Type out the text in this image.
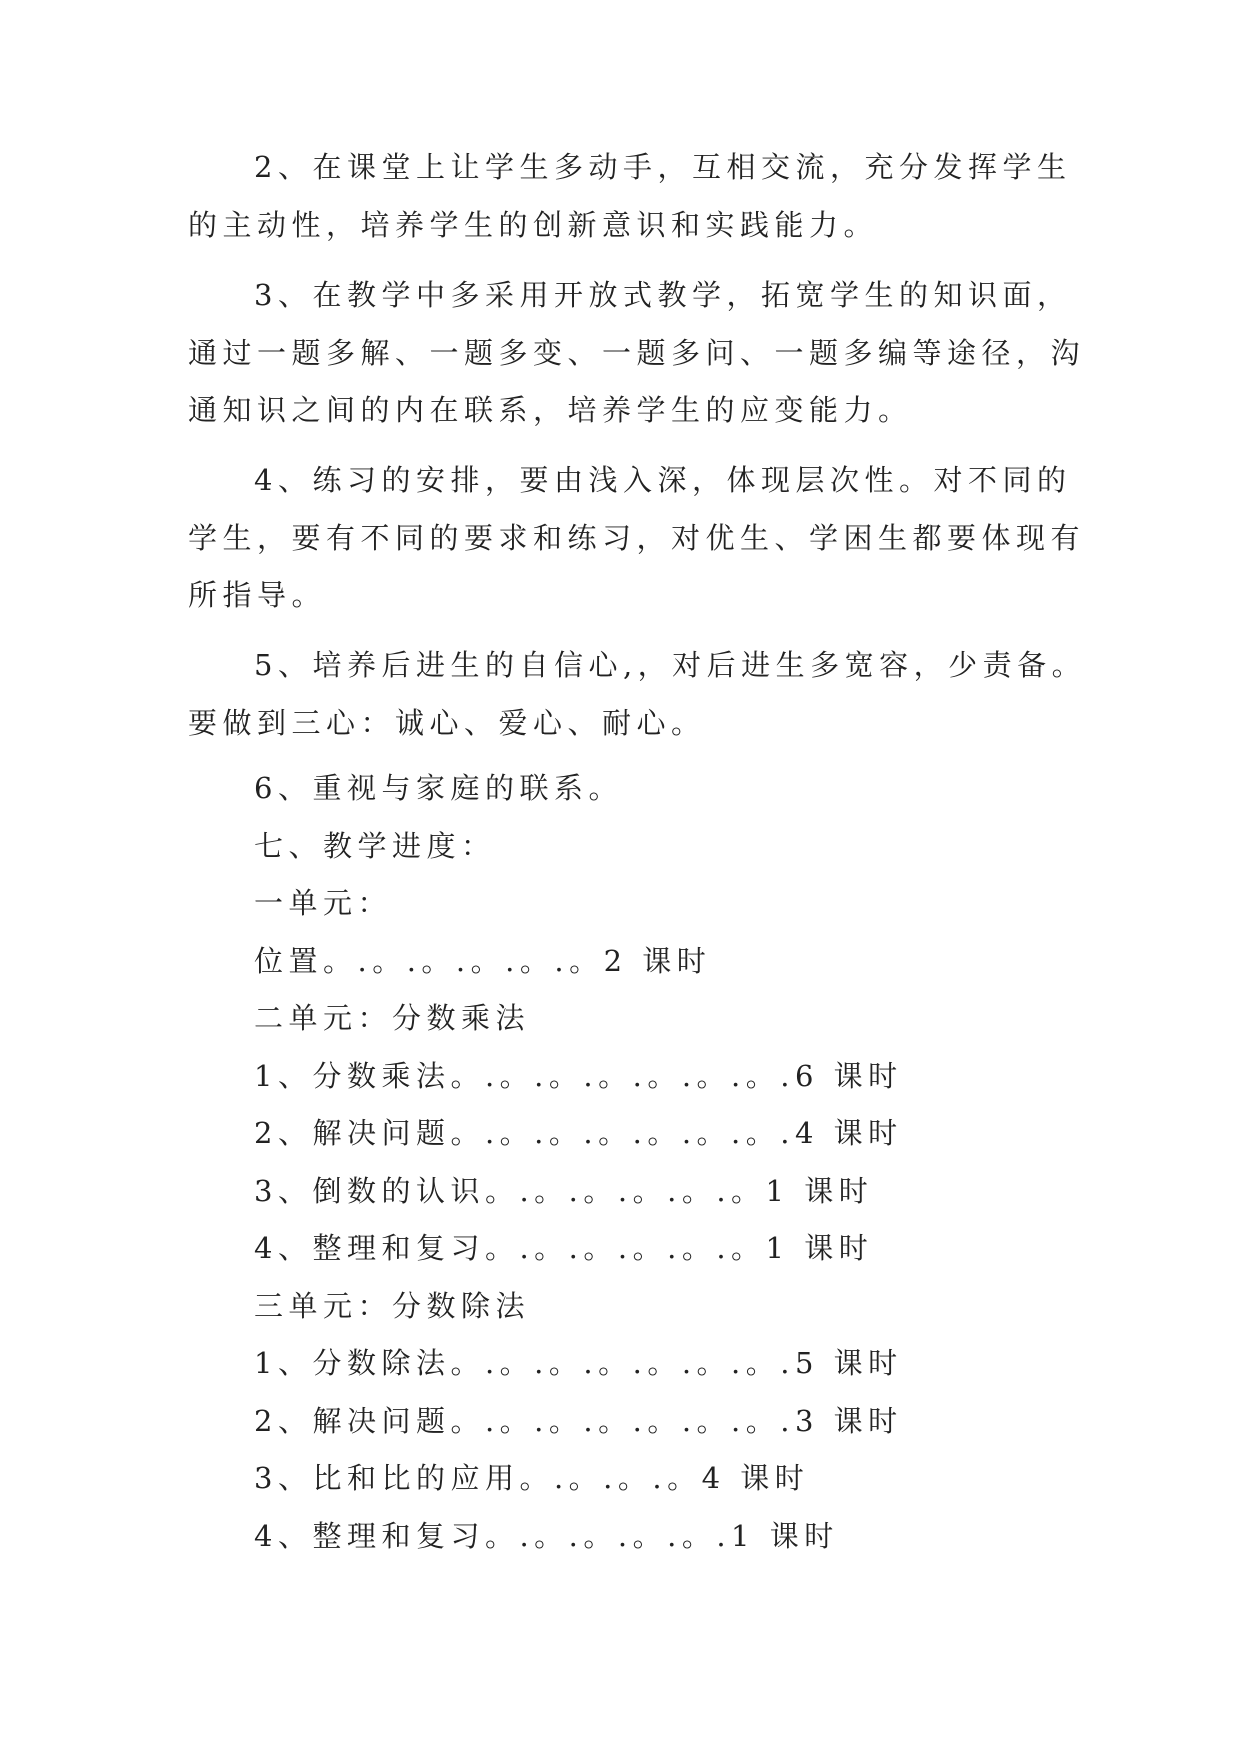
2、在课堂上让学生多动手，互相交流，充分发挥学生
的主动性，培养学生的创新意识和实践能力。
3、在教学中多采用开放式教学，拓宽学生的知识面，
通过一题多解、一题多变、一题多问、一题多编等途径，沟
通知识之间的内在联系，培养学生的应变能力。
4、练习的安排，要由浅入深，体现层次性。对不同的
学生，要有不同的要求和练习，对优生、学困生都要体现有
所指导。
5、培养后进生的自信心,，对后进生多宽容，少责备。
要做到三心：诚心、爱心、耐心。
6、重视与家庭的联系。
七、教学进度：
一单元：
位置。.。.。.。.。.。2 课时
二单元：分数乘法
1、分数乘法。.。.。.。.。.。.。.6 课时
2、解决问题。.。.。.。.。.。.。.4 课时
3、倒数的认识。.。.。.。.。.。1 课时
4、整理和复习。.。.。.。.。.。1 课时
三单元：分数除法
1、分数除法。.。.。.。.。.。.。.5 课时
2、解决问题。.。.。.。.。.。.。.3 课时
3、比和比的应用。.。.。.。4 课时
4、整理和复习。.。.。.。.。.1 课时
